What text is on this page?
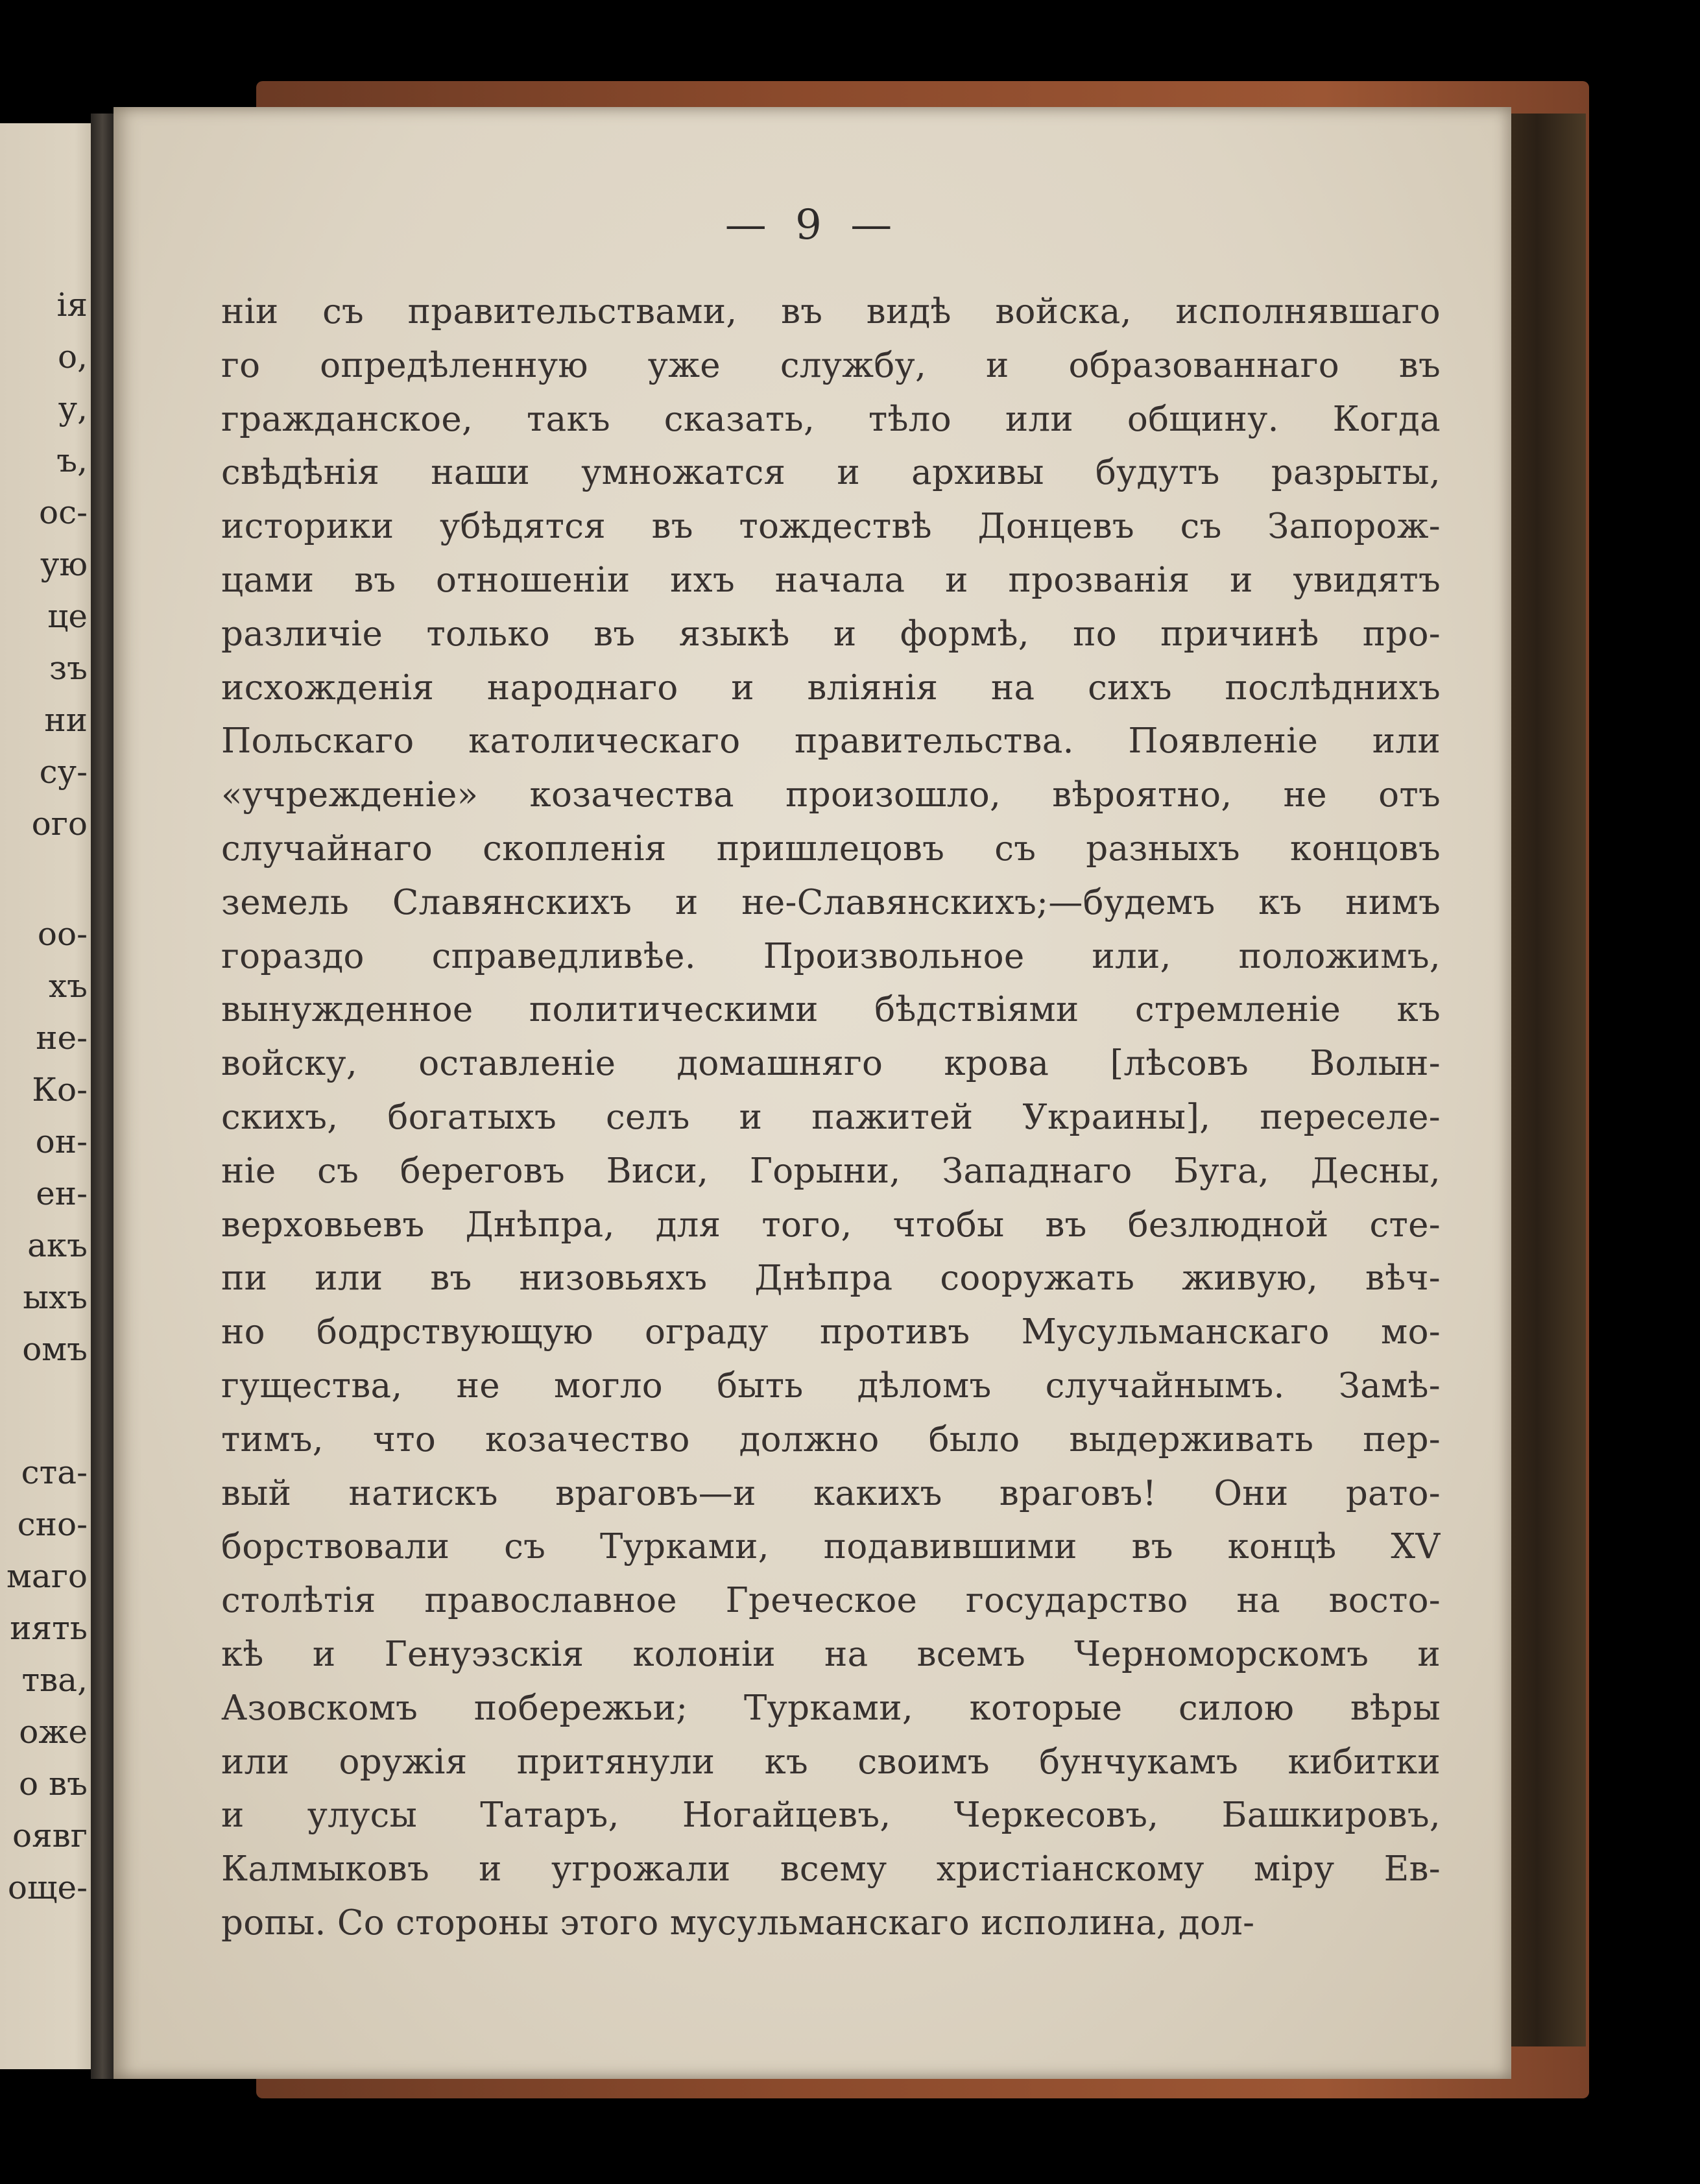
ія
о,
у,
ъ,
ос-
ую
це
зъ
ни
су-
ого
оо-
хъ
не-
Ко-
он-
ен-
акъ
ыхъ
омъ
ста-
сно-
маго
иять
тва,
оже
о въ
оявг
още-
— 9 —
ніи съ правительствами, въ видѣ войска, исполнявшаго
го опредѣленную уже службу, и образованнаго въ
гражданское, такъ сказать, тѣло или общину. Когда
свѣдѣнія наши умножатся и архивы будутъ разрыты,
историки убѣдятся въ тождествѣ Донцевъ съ Запорож-
цами въ отношеніи ихъ начала и прозванія и увидятъ
различіе только въ языкѣ и формѣ, по причинѣ про-
исхожденія народнаго и вліянія на сихъ послѣднихъ
Польскаго католическаго правительства. Появленіе или
«учрежденіе» козачества произошло, вѣроятно, не отъ
случайнаго скопленія пришлецовъ съ разныхъ концовъ
земель Славянскихъ и не-Славянскихъ;—будемъ къ нимъ
гораздо справедливѣе. Произвольное или, положимъ,
вынужденное политическими бѣдствіями стремленіе къ
войску, оставленіе домашняго крова [лѣсовъ Волын-
скихъ, богатыхъ селъ и пажитей Украины], переселе-
ніе съ береговъ Виси, Горыни, Западнаго Буга, Десны,
верховьевъ Днѣпра, для того, чтобы въ безлюдной сте-
пи или въ низовьяхъ Днѣпра сооружать живую, вѣч-
но бодрствующую ограду противъ Мусульманскаго мо-
гущества, не могло быть дѣломъ случайнымъ. Замѣ-
тимъ, что козачество должно было выдерживать пер-
вый натискъ враговъ—и какихъ враговъ! Они рато-
борствовали съ Турками, подавившими въ концѣ XV
столѣтія православное Греческое государство на восто-
кѣ и Генуэзскія колоніи на всемъ Черноморскомъ и
Азовскомъ побережьи; Турками, которые силою вѣры
или оружія притянули къ своимъ бунчукамъ кибитки
и улусы Татаръ, Ногайцевъ, Черкесовъ, Башкировъ,
Калмыковъ и угрожали всему христіанскому міру Ев-
ропы. Со стороны этого мусульманскаго исполина, дол-
